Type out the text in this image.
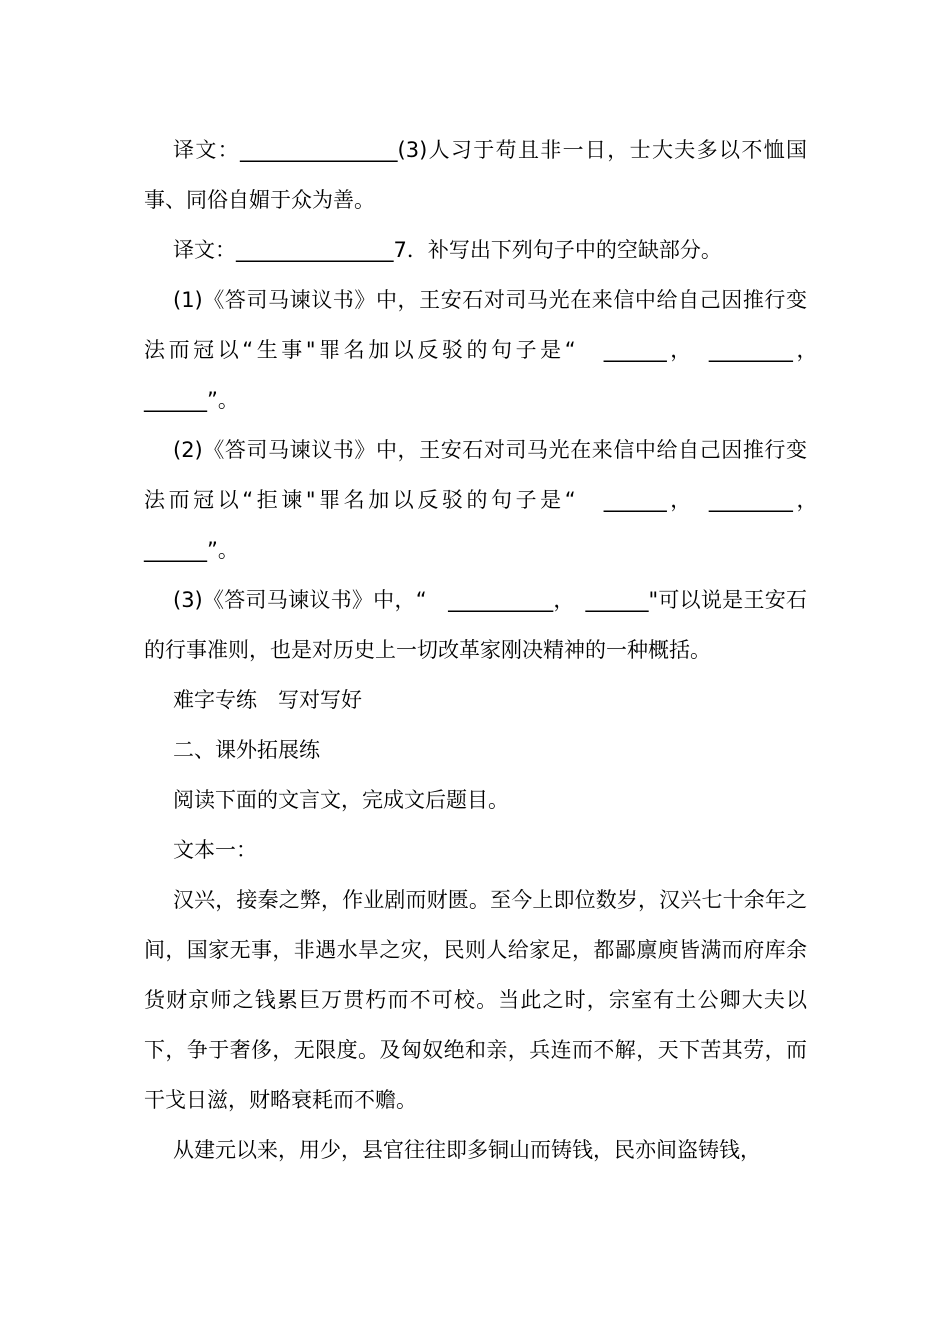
译文：_______________(3)人习于苟且非一日，士大夫多以不恤国事、同俗自媚于众为善。

译文：_______________7．补写出下列句子中的空缺部分。

(1)《答司马谏议书》中，王安石对司马光在来信中给自己因推行变法而冠以“生事"罪名加以反驳的句子是“　______，　________，　______”。

(2)《答司马谏议书》中，王安石对司马光在来信中给自己因推行变法而冠以“拒谏"罪名加以反驳的句子是“　______，　________，　______”。

(3)《答司马谏议书》中，“　__________，　______"可以说是王安石的行事准则，也是对历史上一切改革家刚决精神的一种概括。

难字专练　写对写好

二、课外拓展练

阅读下面的文言文，完成文后题目。

文本一：

汉兴，接秦之弊，作业剧而财匮。至今上即位数岁，汉兴七十余年之间，国家无事，非遇水旱之灾，民则人给家足，都鄙廪庾皆满而府库余货财京师之钱累巨万贯朽而不可校。当此之时，宗室有土公卿大夫以下，争于奢侈，无限度。及匈奴绝和亲，兵连而不解，天下苦其劳，而干戈日滋，财略衰耗而不赡。

从建元以来，用少，县官往往即多铜山而铸钱，民亦间盗铸钱，
